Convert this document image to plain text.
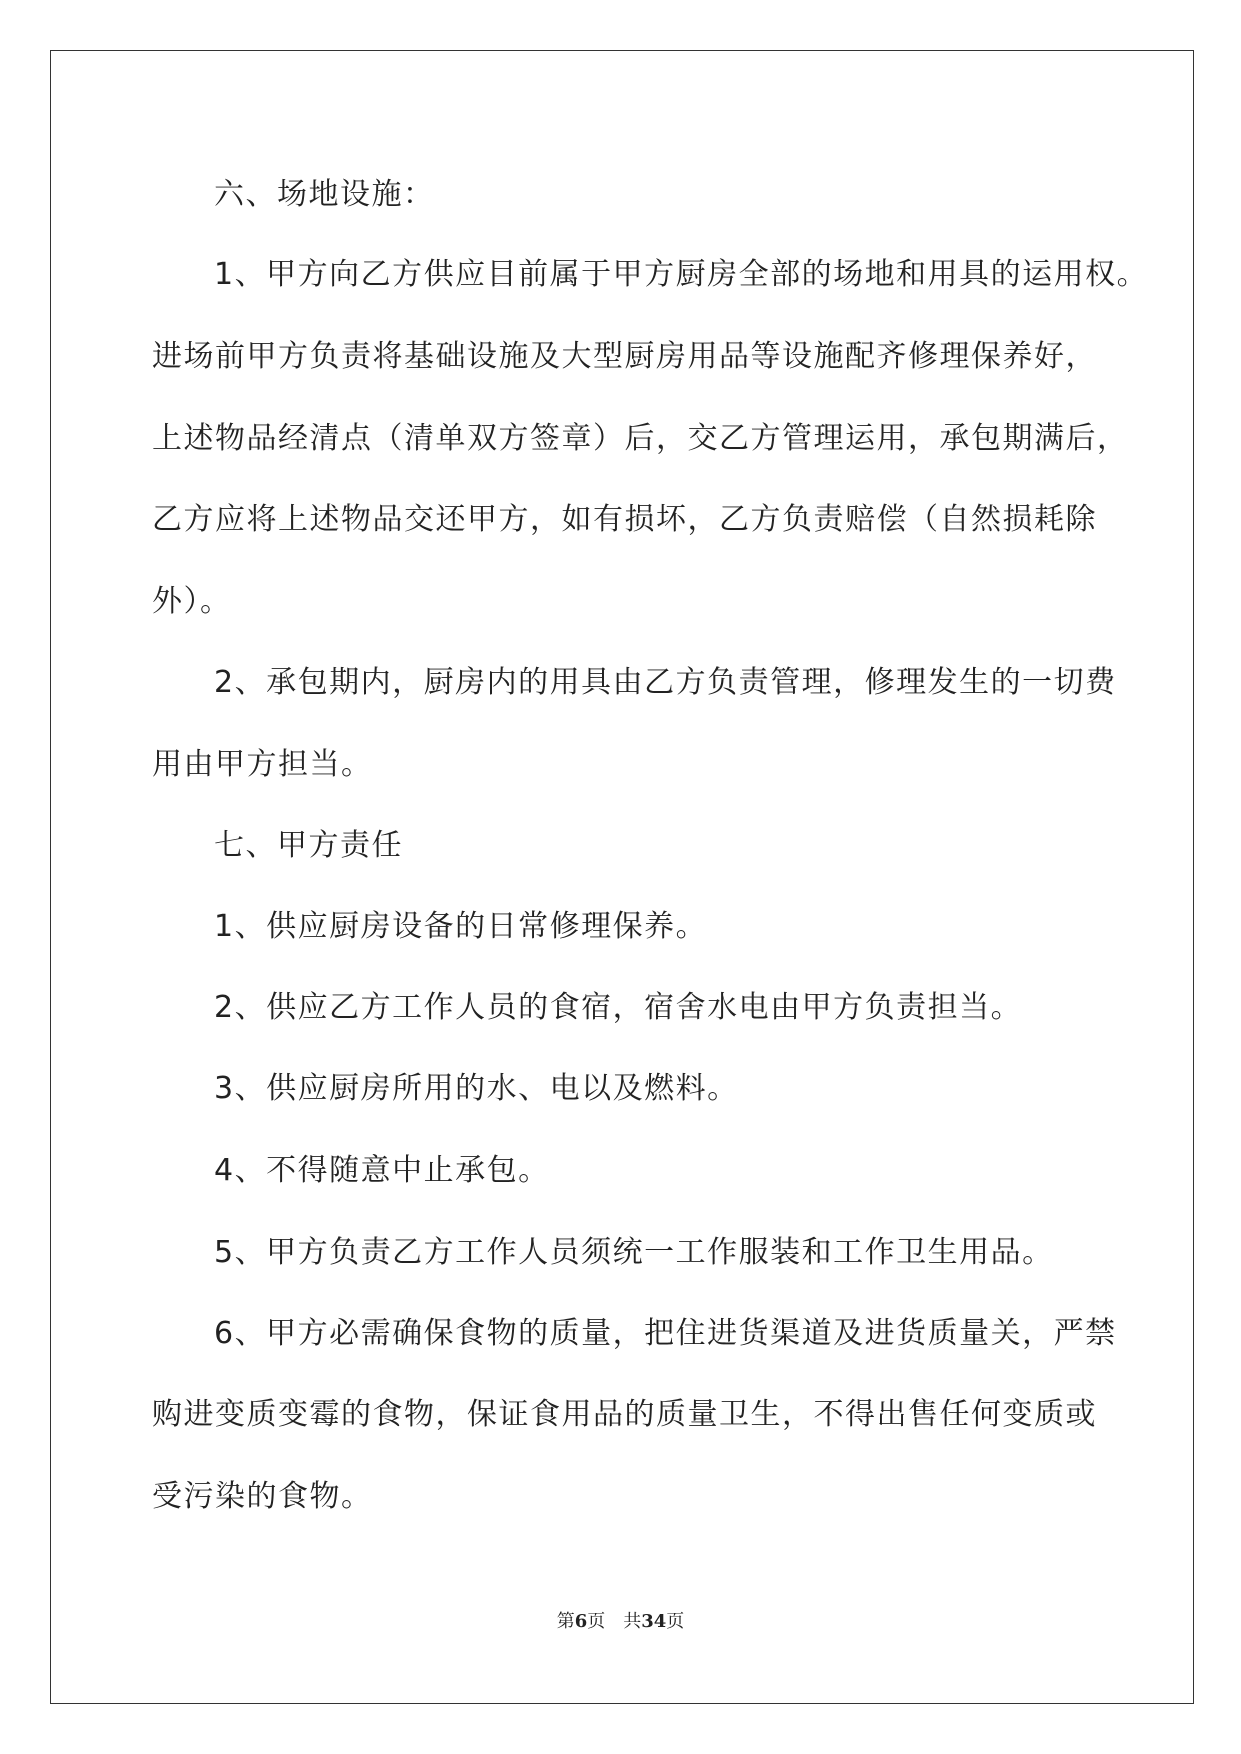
六、场地设施：
1、甲方向乙方供应目前属于甲方厨房全部的场地和用具的运用权。
进场前甲方负责将基础设施及大型厨房用品等设施配齐修理保养好，
上述物品经清点（清单双方签章）后，交乙方管理运用，承包期满后，
乙方应将上述物品交还甲方，如有损坏，乙方负责赔偿（自然损耗除
外）。
2、承包期内，厨房内的用具由乙方负责管理，修理发生的一切费
用由甲方担当。
七、甲方责任
1、供应厨房设备的日常修理保养。
2、供应乙方工作人员的食宿，宿舍水电由甲方负责担当。
3、供应厨房所用的水、电以及燃料。
4、不得随意中止承包。
5、甲方负责乙方工作人员须统一工作服装和工作卫生用品。
6、甲方必需确保食物的质量，把住进货渠道及进货质量关，严禁
购进变质变霉的食物，保证食用品的质量卫生，不得出售任何变质或
受污染的食物。
第6页 共34页
